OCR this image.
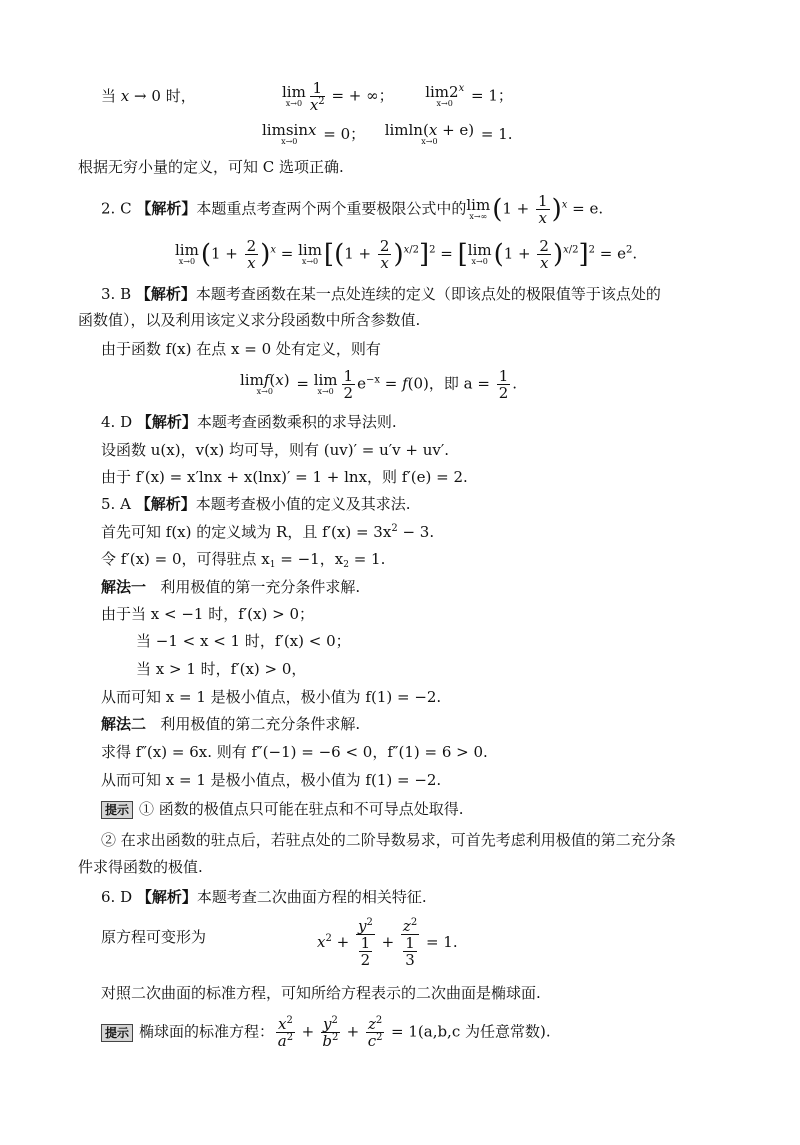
当 x → 0 时，	lim
$x\to 0 \frac{1}{x^2}$ = + ∞； lim2$^x$
x→0	= 1；
limsinx
x→0	= 0； limln(x + e)
x→0	= 1.
根据无穷小量的定义，可知 C 选项正确.
2. C 【解析】本题重点考查两个两个重要极限公式中的 lim
x→∞ $(1 + \frac{1}{x} )^x = e$.
lim
x→0 $(1 + \frac{2}{x} )^x = \lim$
x→0 $[(1 + \frac{2}{x} )^{x/2}]^2$ = [ lim
x→0 $(1 + \frac{2}{x} )^{x/2}]^2 = e^2$.
3. B 【解析】本题考查函数在某一点处连续的定义（即该点处的极限值等于该点处的
函数值），以及利用该定义求分段函数中所含参数值.
由于函数 f(x) 在点 x = 0 处有定义，则有
limf(x)
x→0	= lim
$x\to 0 \frac{1}{2} e^{-x} = f(0)$，即 $a = \frac{1}{2}$ .
4. D 【解析】本题考查函数乘积的求导法则.
设函数 u(x)，v(x) 均可导，则有 (uv)′ = u′v + uv′.
由于 f′(x) = x′lnx + x(lnx)′ = 1 + lnx，则 f′(e) = 2.
5. A 【解析】本题考查极小值的定义及其求法.
首先可知 f(x) 的定义域为 R，且 $f'(x) = 3x^2 - 3$.
令 f′(x) = 0，可得驻点 $x_1 = -1$，$x_2 = 1$.
解法一 利用极值的第一充分条件求解.
由于当 x < −1 时，f′(x) > 0；
当 −1 < x < 1 时，f′(x) < 0；
当 x > 1 时，f′(x) > 0，
从而可知 x = 1 是极小值点，极小值为 f(1) = −2.
解法二 利用极值的第二充分条件求解.
求得 f″(x) = 6x. 则有 f″(−1) = −6 < 0，f″(1) = 6 > 0.
从而可知 x = 1 是极小值点，极小值为 f(1) = −2.
提示 ① 函数的极值点只可能在驻点和不可导点处取得.
② 在求出函数的驻点后，若驻点处的二阶导数易求，可首先考虑利用极值的第二充分条
件求得函数的极值.
6. D 【解析】本题考查二次曲面方程的相关特征.
原方程可变形为	$x^2 + \frac{y^2}{\frac{1}{2}} + \frac{z^2}{\frac{1}{3}} = 1$.
对照二次曲面的标准方程，可知所给方程表示的二次曲面是椭球面.
提示 椭球面的标准方程： $\frac{x^2}{a^2} + \frac{y^2}{b^2} + \frac{z^2}{c^2} = 1(a,b,c$ 为任意常数).
